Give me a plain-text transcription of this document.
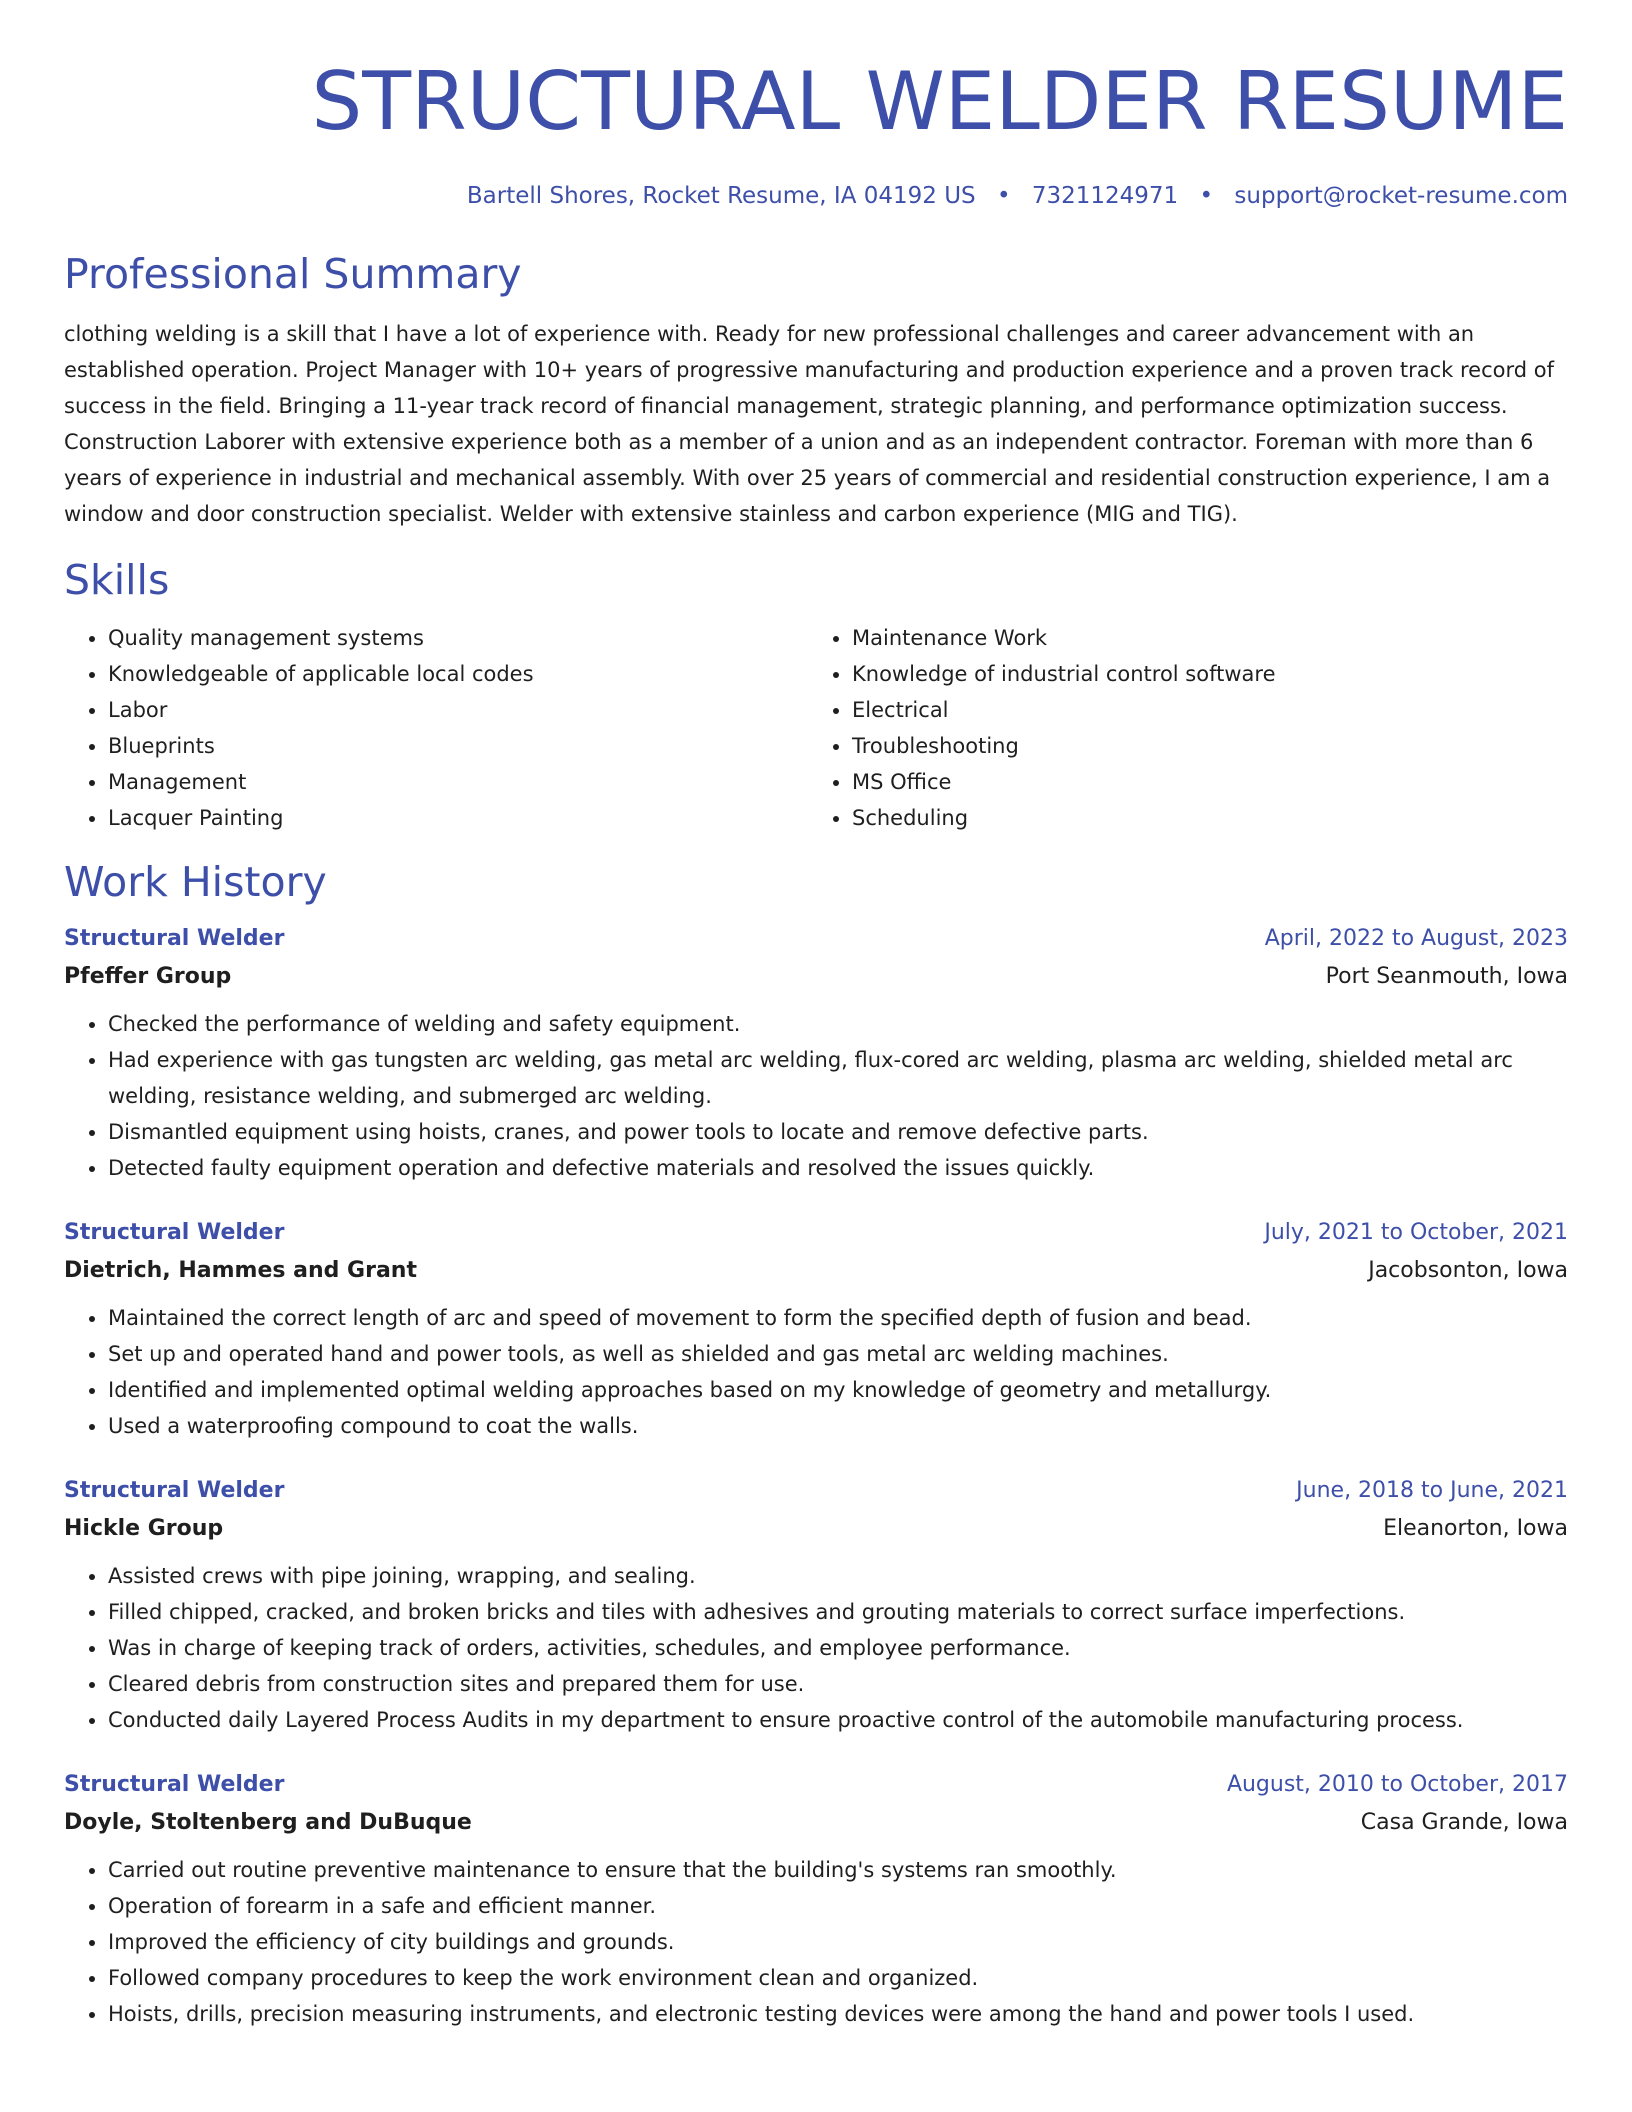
STRUCTURAL WELDER RESUME
Bartell Shores, Rocket Resume, IA 04192 US • 7321124971 • support@rocket-resume.com
Professional Summary
clothing welding is a skill that I have a lot of experience with. Ready for new professional challenges and career advancement with an established operation. Project Manager with 10+ years of progressive manufacturing and production experience and a proven track record of success in the field. Bringing a 11-year track record of financial management, strategic planning, and performance optimization success. Construction Laborer with extensive experience both as a member of a union and as an independent contractor. Foreman with more than 6 years of experience in industrial and mechanical assembly. With over 25 years of commercial and residential construction experience, I am a window and door construction specialist. Welder with extensive stainless and carbon experience (MIG and TIG).
Skills
• Quality management systems
• Knowledgeable of applicable local codes
• Labor
• Blueprints
• Management
• Lacquer Painting
• Maintenance Work
• Knowledge of industrial control software
• Electrical
• Troubleshooting
• MS Office
• Scheduling
Work History
Structural Welder	April, 2022 to August, 2023
Pfeffer Group	Port Seanmouth, Iowa
• Checked the performance of welding and safety equipment.
• Had experience with gas tungsten arc welding, gas metal arc welding, flux-cored arc welding, plasma arc welding, shielded metal arc welding, resistance welding, and submerged arc welding.
• Dismantled equipment using hoists, cranes, and power tools to locate and remove defective parts.
• Detected faulty equipment operation and defective materials and resolved the issues quickly.
Structural Welder	July, 2021 to October, 2021
Dietrich, Hammes and Grant	Jacobsonton, Iowa
• Maintained the correct length of arc and speed of movement to form the specified depth of fusion and bead.
• Set up and operated hand and power tools, as well as shielded and gas metal arc welding machines.
• Identified and implemented optimal welding approaches based on my knowledge of geometry and metallurgy.
• Used a waterproofing compound to coat the walls.
Structural Welder	June, 2018 to June, 2021
Hickle Group	Eleanorton, Iowa
• Assisted crews with pipe joining, wrapping, and sealing.
• Filled chipped, cracked, and broken bricks and tiles with adhesives and grouting materials to correct surface imperfections.
• Was in charge of keeping track of orders, activities, schedules, and employee performance.
• Cleared debris from construction sites and prepared them for use.
• Conducted daily Layered Process Audits in my department to ensure proactive control of the automobile manufacturing process.
Structural Welder	August, 2010 to October, 2017
Doyle, Stoltenberg and DuBuque	Casa Grande, Iowa
• Carried out routine preventive maintenance to ensure that the building's systems ran smoothly.
• Operation of forearm in a safe and efficient manner.
• Improved the efficiency of city buildings and grounds.
• Followed company procedures to keep the work environment clean and organized.
• Hoists, drills, precision measuring instruments, and electronic testing devices were among the hand and power tools I used.
